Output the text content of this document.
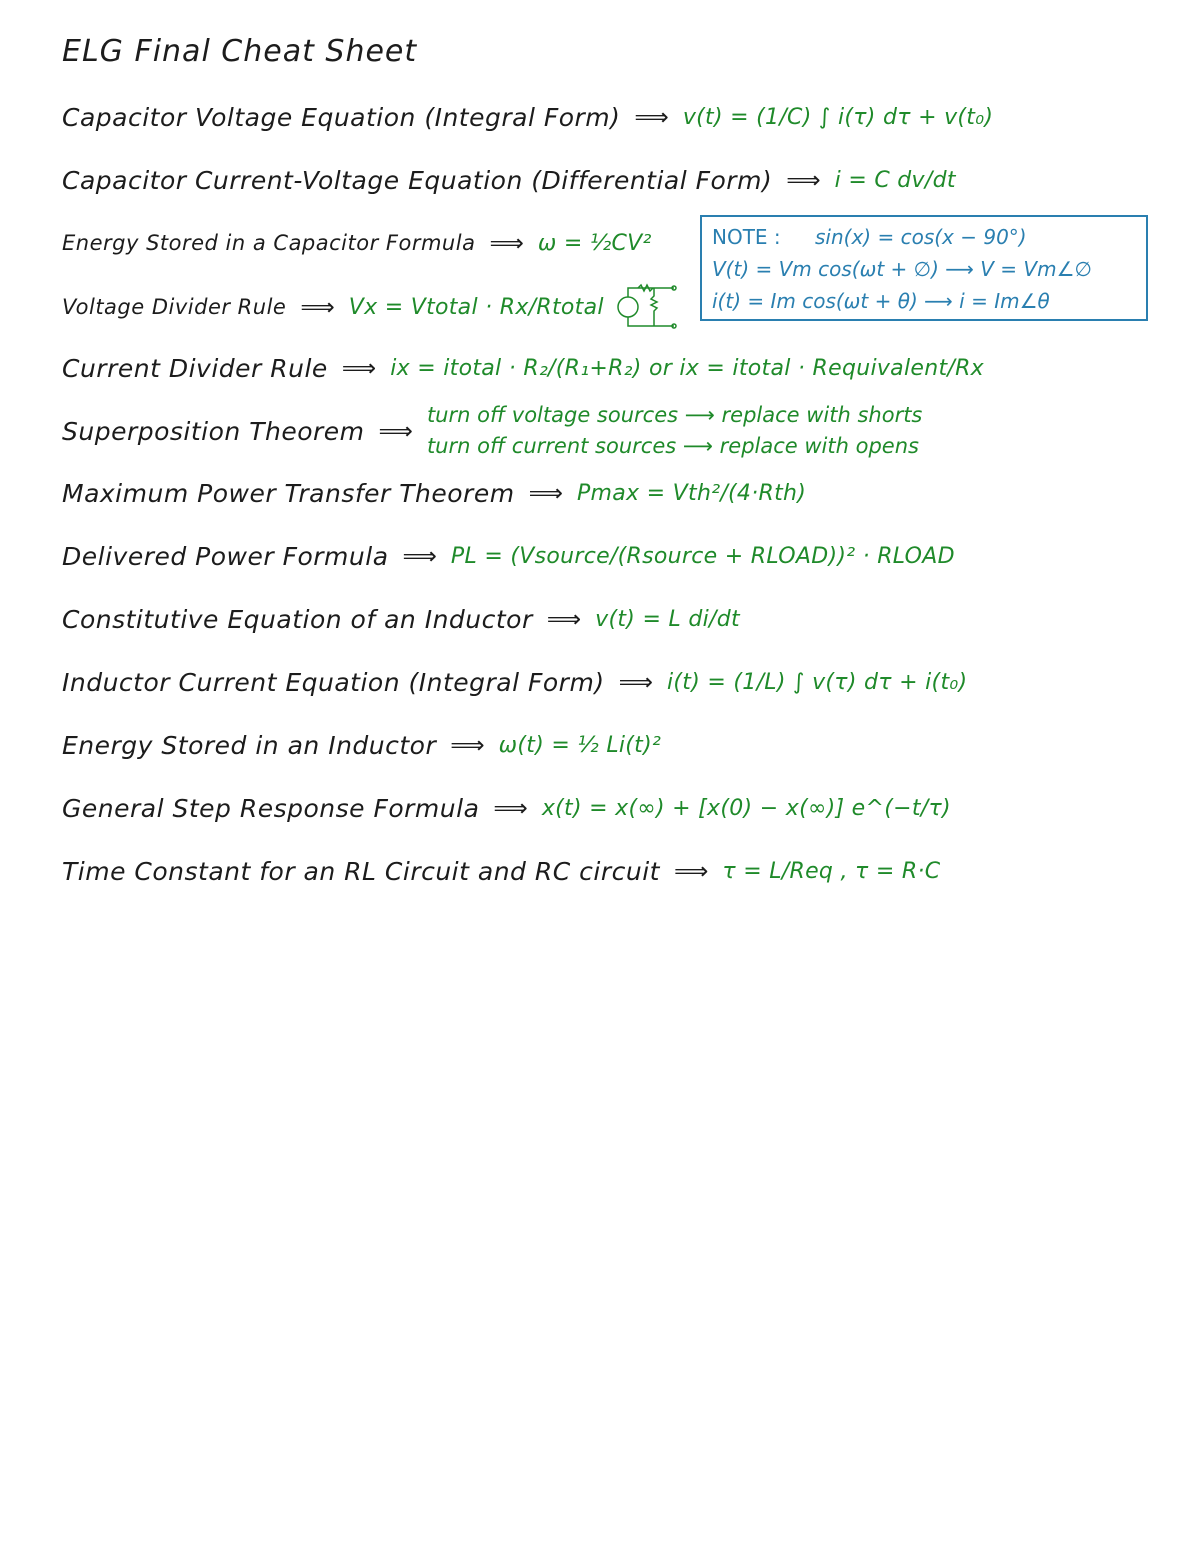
ELG Final Cheat Sheet
Capacitor Voltage Equation (Integral Form) ⟹ v(t) = (1/C) ∫ i(τ) dτ + v(t₀)
Capacitor Current-Voltage Equation (Differential Form) ⟹ i = C dv/dt
Energy Stored in a Capacitor Formula ⟹ ω = ½CV²
Voltage Divider Rule ⟹ Vx = Vtotal · Rx/Rtotal
Current Divider Rule ⟹ ix = itotal · R₂/(R₁+R₂) or ix = itotal · Requivalent/Rx
Superposition Theorem ⟹
turn off voltage sources ⟶ replace with shorts
turn off current sources ⟶ replace with opens
Maximum Power Transfer Theorem ⟹ Pmax = Vth²/(4·Rth)
Delivered Power Formula ⟹ PL = (Vsource/(Rsource + RLOAD))² · RLOAD
Constitutive Equation of an Inductor ⟹ v(t) = L di/dt
Inductor Current Equation (Integral Form) ⟹ i(t) = (1/L) ∫ v(τ) dτ + i(t₀)
Energy Stored in an Inductor ⟹ ω(t) = ½ Li(t)²
General Step Response Formula ⟹ x(t) = x(∞) + [x(0) − x(∞)] e^(−t/τ)
Time Constant for an RL Circuit and RC circuit ⟹ τ = L/Req , τ = R·C
NOTE : sin(x) = cos(x − 90°)
V(t) = Vm cos(ωt + ∅) ⟶ V = Vm∠∅
i(t) = Im cos(ωt + θ) ⟶ i = Im∠θ
